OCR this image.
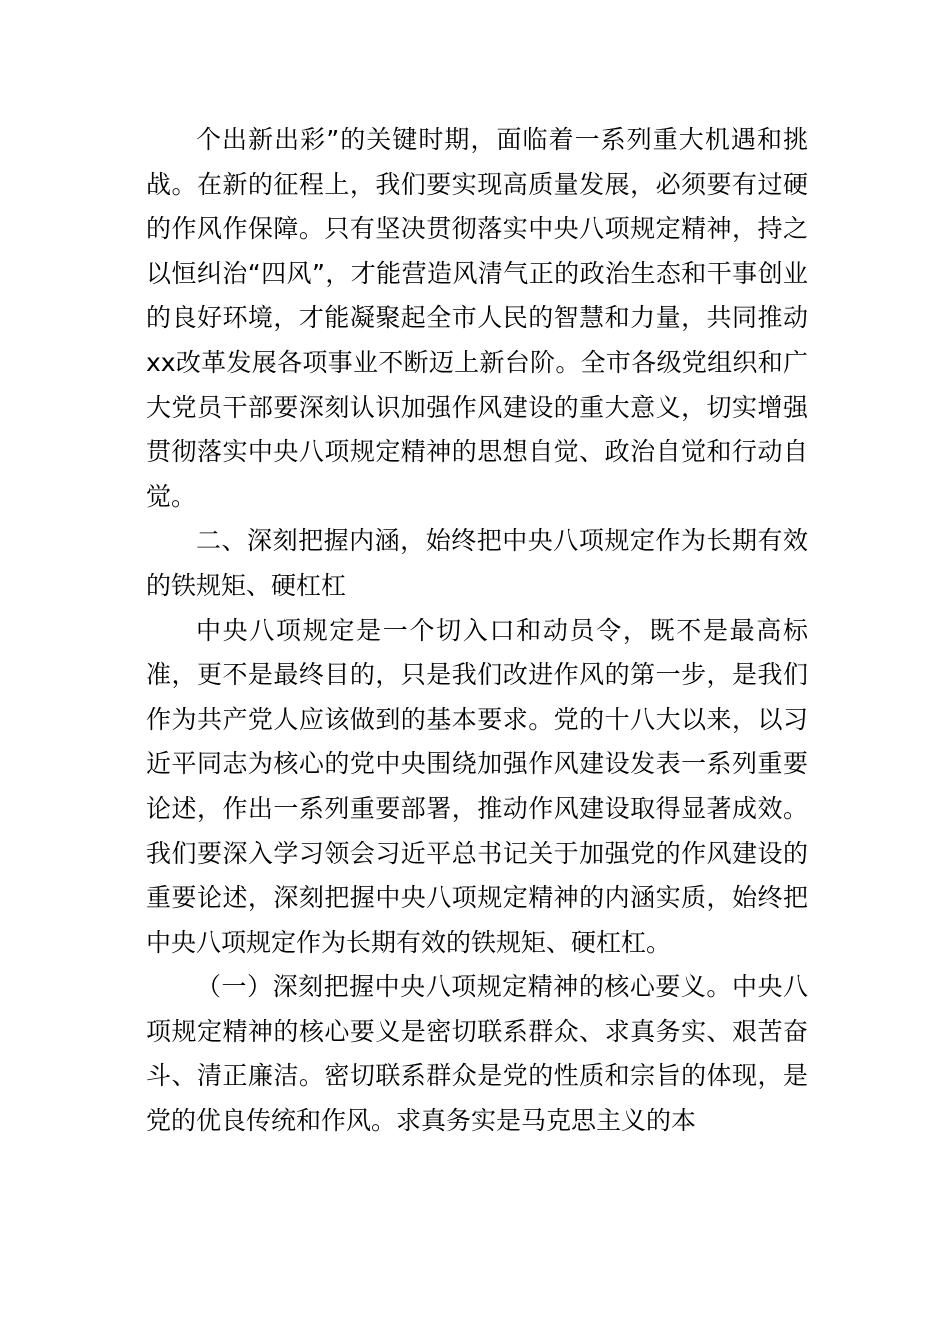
个出新出彩”的关键时期，面临着一系列重大机遇和挑战。在新的征程上，我们要实现高质量发展，必须要有过硬的作风作保障。只有坚决贯彻落实中央八项规定精神，持之以恒纠治“四风”，才能营造风清气正的政治生态和干事创业的良好环境，才能凝聚起全市人民的智慧和力量，共同推动xx改革发展各项事业不断迈上新台阶。全市各级党组织和广大党员干部要深刻认识加强作风建设的重大意义，切实增强贯彻落实中央八项规定精神的思想自觉、政治自觉和行动自觉。

二、深刻把握内涵，始终把中央八项规定作为长期有效的铁规矩、硬杠杠

中央八项规定是一个切入口和动员令，既不是最高标准，更不是最终目的，只是我们改进作风的第一步，是我们作为共产党人应该做到的基本要求。党的十八大以来，以习近平同志为核心的党中央围绕加强作风建设发表一系列重要论述，作出一系列重要部署，推动作风建设取得显著成效。我们要深入学习领会习近平总书记关于加强党的作风建设的重要论述，深刻把握中央八项规定精神的内涵实质，始终把中央八项规定作为长期有效的铁规矩、硬杠杠。

（一）深刻把握中央八项规定精神的核心要义。中央八项规定精神的核心要义是密切联系群众、求真务实、艰苦奋斗、清正廉洁。密切联系群众是党的性质和宗旨的体现，是党的优良传统和作风。求真务实是马克思主义的本
